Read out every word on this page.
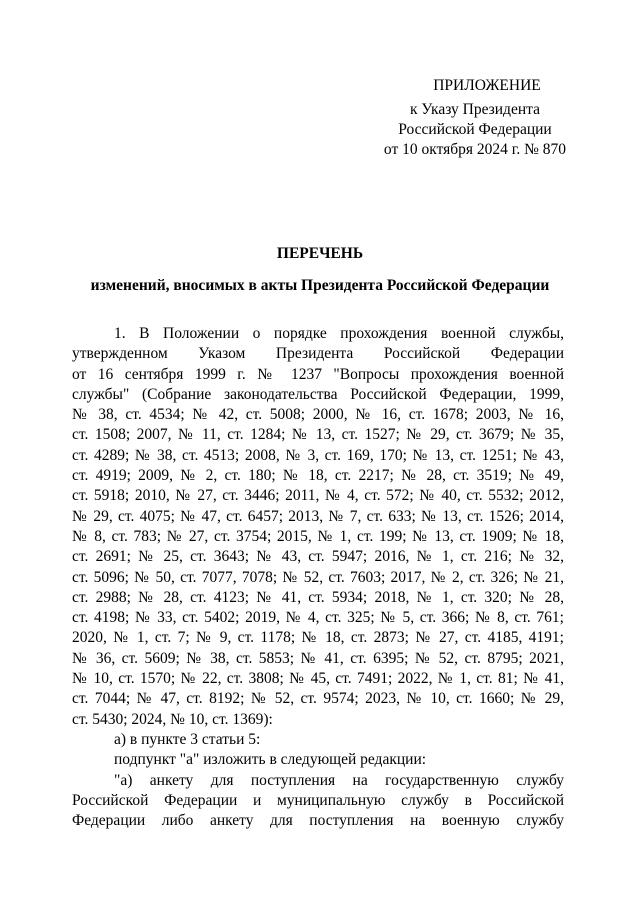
ПРИЛОЖЕНИЕ
к Указу Президента
Российской Федерации
от 10 октября 2024 г. № 870
ПЕРЕЧЕНЬ
изменений, вносимых в акты Президента Российской Федерации
1. В Положении о порядке прохождения военной службы,
утвержденном Указом Президента Российской Федерации
от 16 сентября 1999 г. № 1237 "Вопросы прохождения военной
службы" (Собрание законодательства Российской Федерации, 1999,
№ 38, ст. 4534; № 42, ст. 5008; 2000, № 16, ст. 1678; 2003, № 16,
ст. 1508; 2007, № 11, ст. 1284; № 13, ст. 1527; № 29, ст. 3679; № 35,
ст. 4289; № 38, ст. 4513; 2008, № 3, ст. 169, 170; № 13, ст. 1251; № 43,
ст. 4919; 2009, № 2, ст. 180; № 18, ст. 2217; № 28, ст. 3519; № 49,
ст. 5918; 2010, № 27, ст. 3446; 2011, № 4, ст. 572; № 40, ст. 5532; 2012,
№ 29, ст. 4075; № 47, ст. 6457; 2013, № 7, ст. 633; № 13, ст. 1526; 2014,
№ 8, ст. 783; № 27, ст. 3754; 2015, № 1, ст. 199; № 13, ст. 1909; № 18,
ст. 2691; № 25, ст. 3643; № 43, ст. 5947; 2016, № 1, ст. 216; № 32,
ст. 5096; № 50, ст. 7077, 7078; № 52, ст. 7603; 2017, № 2, ст. 326; № 21,
ст. 2988; № 28, ст. 4123; № 41, ст. 5934; 2018, № 1, ст. 320; № 28,
ст. 4198; № 33, ст. 5402; 2019, № 4, ст. 325; № 5, ст. 366; № 8, ст. 761;
2020, № 1, ст. 7; № 9, ст. 1178; № 18, ст. 2873; № 27, ст. 4185, 4191;
№ 36, ст. 5609; № 38, ст. 5853; № 41, ст. 6395; № 52, ст. 8795; 2021,
№ 10, ст. 1570; № 22, ст. 3808; № 45, ст. 7491; 2022, № 1, ст. 81; № 41,
ст. 7044; № 47, ст. 8192; № 52, ст. 9574; 2023, № 10, ст. 1660; № 29,
ст. 5430; 2024, № 10, ст. 1369):
а) в пункте 3 статьи 5:
подпункт "а" изложить в следующей редакции:
"а) анкету для поступления на государственную службу
Российской Федерации и муниципальную службу в Российской
Федерации либо анкету для поступления на военную службу
